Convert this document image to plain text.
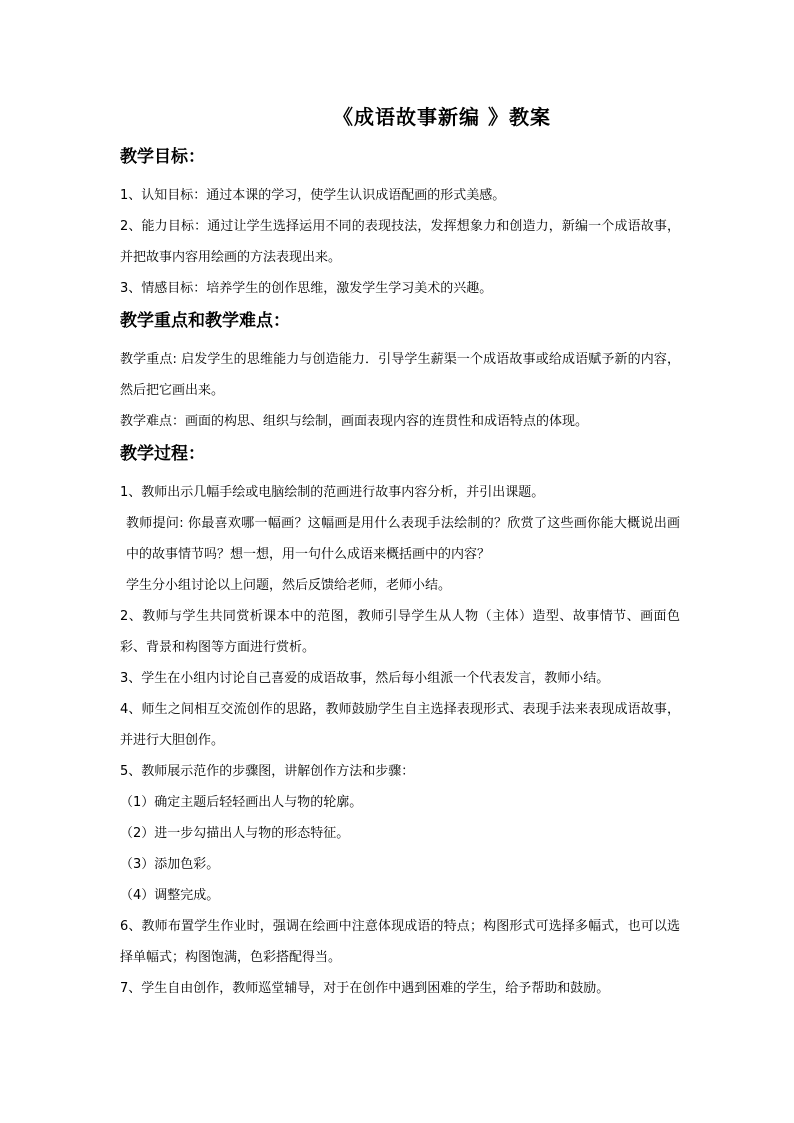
《成语故事新编 》教案

教学目标：

1、认知目标：通过本课的学习，使学生认识成语配画的形式美感。

2、能力目标：通过让学生选择运用不同的表现技法，发挥想象力和创造力，新编一个成语故事，并把故事内容用绘画的方法表现出来。

3、情感目标：培养学生的创作思维，激发学生学习美术的兴趣。

教学重点和教学难点：

教学重点: 启发学生的思维能力与创造能力．引导学生薪渠一个成语故事或给成语赋予新的内容，然后把它画出来。

教学难点：画面的构思、组织与绘制，画面表现内容的连贯性和成语特点的体现。

教学过程：

1、教师出示几幅手绘或电脑绘制的范画进行故事内容分析，并引出课题。

教师提问: 你最喜欢哪一幅画？这幅画是用什么表现手法绘制的？欣赏了这些画你能大概说出画中的故事情节吗？想一想，用一句什么成语来概括画中的内容？

学生分小组讨论以上问题，然后反馈给老师，老师小结。

2、教师与学生共同赏析课本中的范图，教师引导学生从人物（主体）造型、故事情节、画面色彩、背景和构图等方面进行赏析。

3、学生在小组内讨论自己喜爱的成语故事，然后每小组派一个代表发言，教师小结。

4、师生之间相互交流创作的思路，教师鼓励学生自主选择表现形式、表现手法来表现成语故事，并进行大胆创作。

5、教师展示范作的步骤图，讲解创作方法和步骤：

（1）确定主题后轻轻画出人与物的轮廓。

（2）进一步勾描出人与物的形态特征。

（3）添加色彩。

（4）调整完成。

6、教师布置学生作业时，强调在绘画中注意体现成语的特点；构图形式可选择多幅式，也可以选择单幅式；构图饱满，色彩搭配得当。

7、学生自由创作，教师巡堂辅导，对于在创作中遇到困难的学生，给予帮助和鼓励。
